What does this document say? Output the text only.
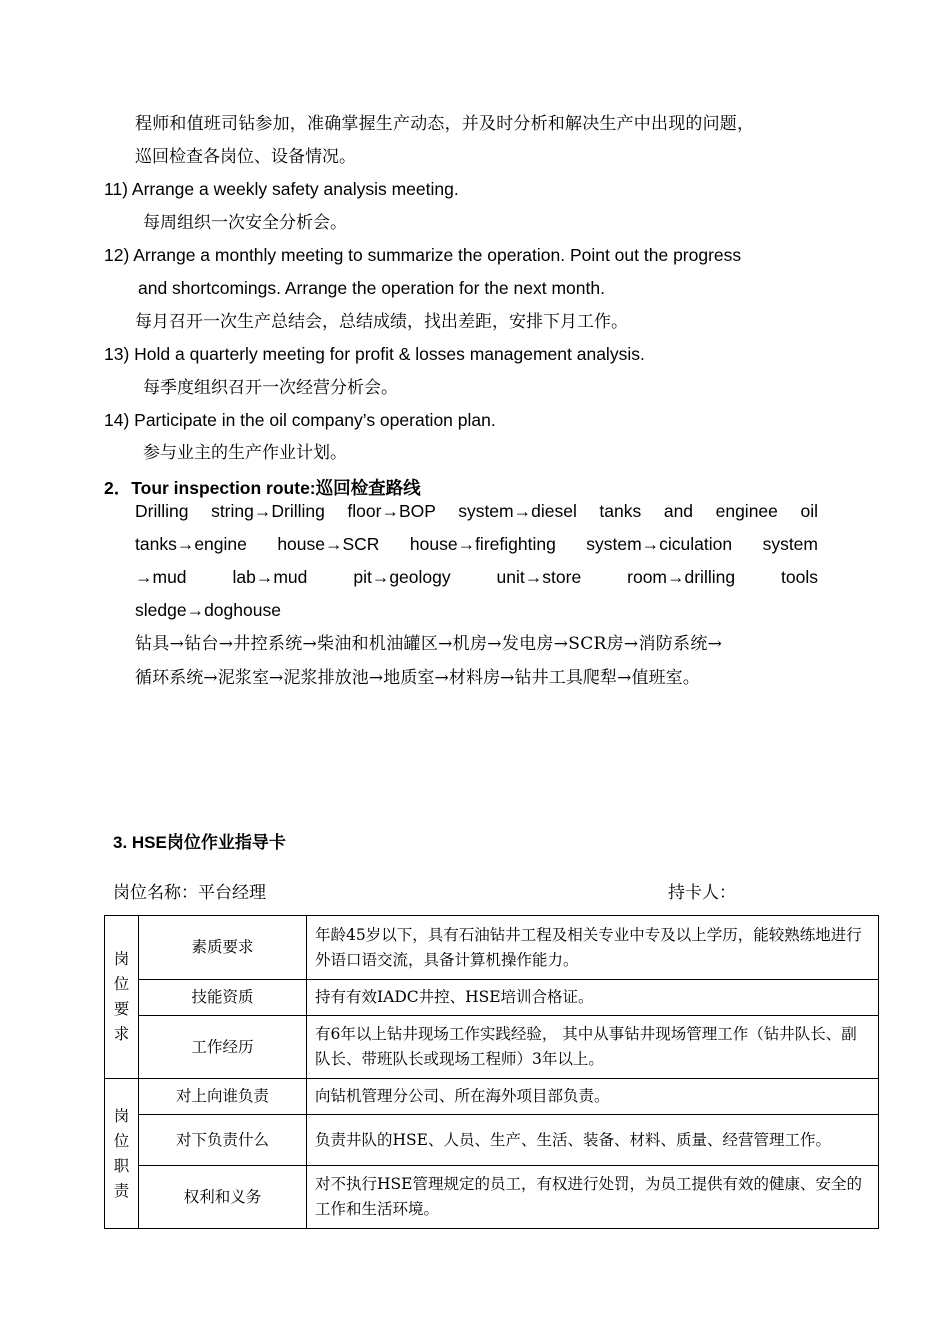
程师和值班司钻参加，准确掌握生产动态，并及时分析和解决生产中出现的问题，
巡回检查各岗位、设备情况。
11) Arrange a weekly safety analysis meeting.
每周组织一次安全分析会。
12) Arrange a monthly meeting to summarize the operation. Point out the progress
and shortcomings. Arrange the operation for the next month.
每月召开一次生产总结会，总结成绩，找出差距，安排下月工作。
13) Hold a quarterly meeting for profit & losses management analysis.
每季度组织召开一次经营分析会。
14) Participate in the oil company’s operation plan.
参与业主的生产作业计划。
2．Tour inspection route:巡回检查路线
Drilling string→Drilling floor→BOP system→diesel tanks and enginee oil
tanks→engine house→SCR house→firefighting system→ciculation system
→mud lab→mud pit→geology unit→store room→drilling tools
sledge→doghouse
钻具→钻台→井控系统→柴油和机油罐区→机房→发电房→SCR房→消防系统→
循环系统→泥浆室→泥浆排放池→地质室→材料房→钻井工具爬犁→值班室。
3. HSE岗位作业指导卡
岗位名称：平台经理	持卡人：
岗
位
要
求	素质要求	年龄45岁以下，具有石油钻井工程及相关专业中专及以上学历，能较熟练地进行外语口语交流，具备计算机操作能力。
	技能资质	持有有效IADC井控、HSE培训合格证。
	工作经历	有6年以上钻井现场工作实践经验， 其中从事钻井现场管理工作（钻井队长、副队长、带班队长或现场工程师）3年以上。

岗
位
职
责	对上向谁负责	向钻机管理分公司、所在海外项目部负责。
	对下负责什么	负责井队的HSE、人员、生产、生活、装备、材料、质量、经营管理工作。
	权利和义务	对不执行HSE管理规定的员工，有权进行处罚，为员工提供有效的健康、安全的工作和生活环境。
